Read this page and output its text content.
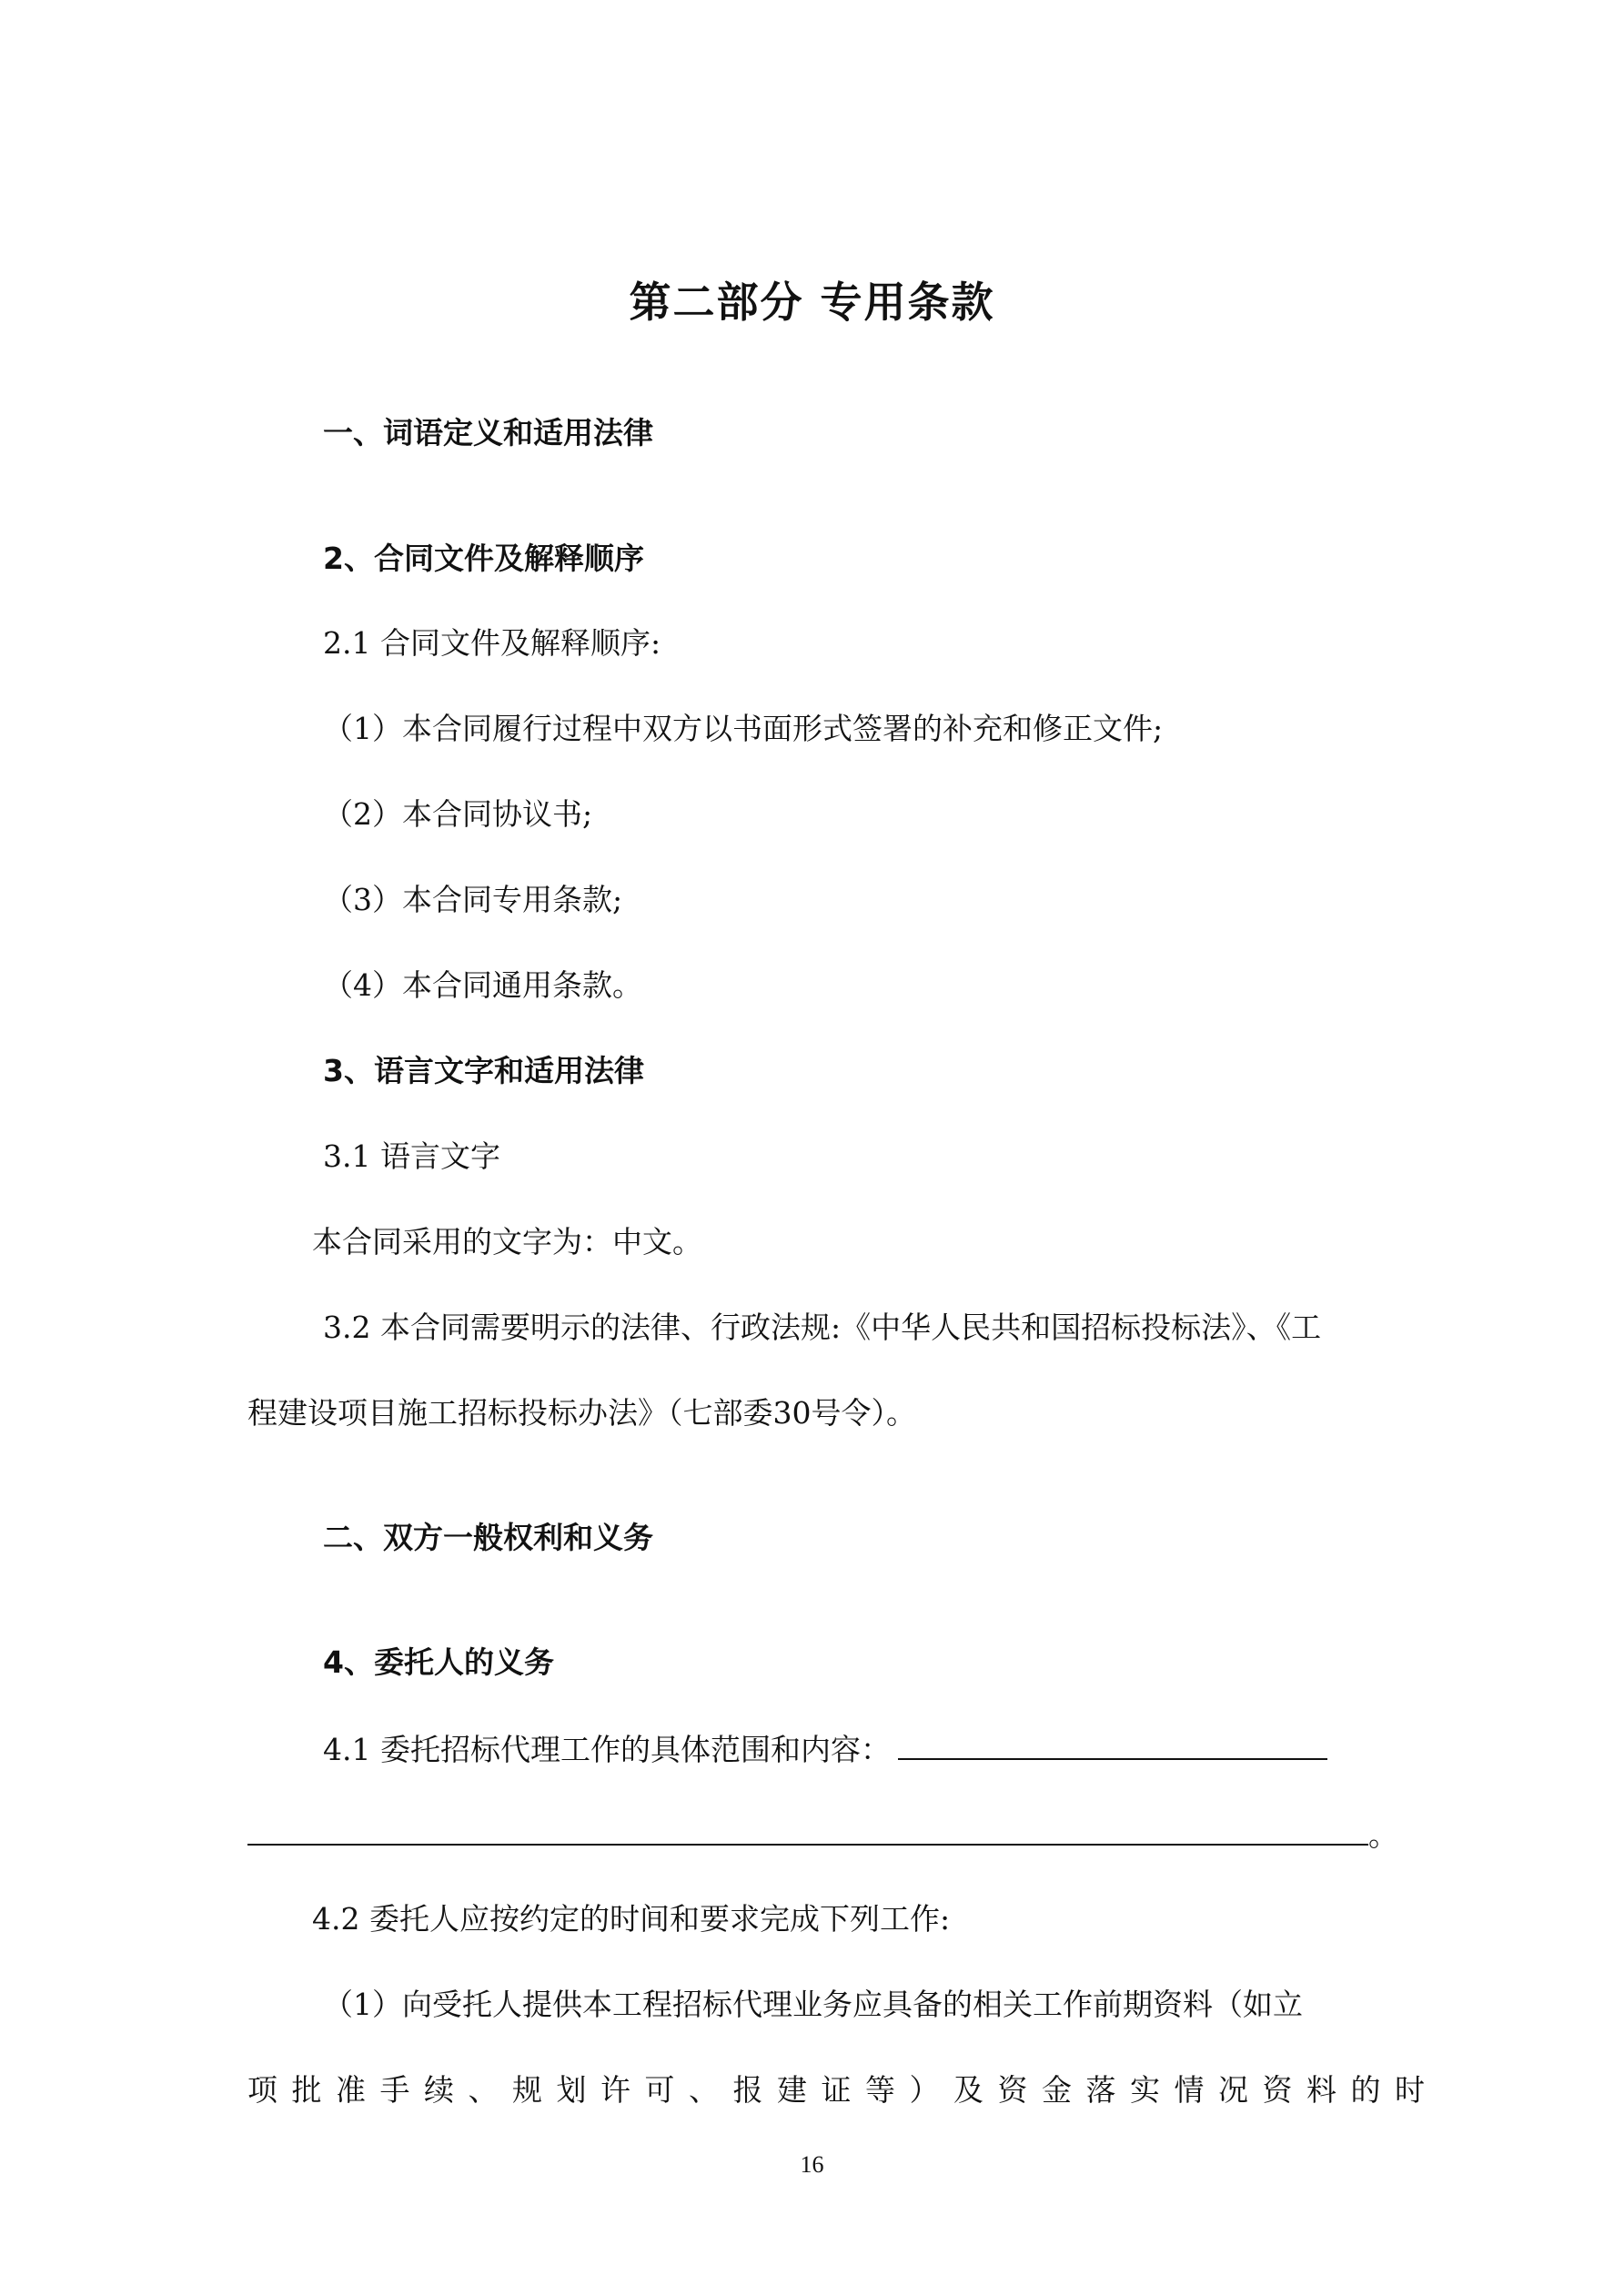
第二部分 专用条款

一、词语定义和适用法律

2、合同文件及解释顺序

2.1 合同文件及解释顺序:

（1）本合同履行过程中双方以书面形式签署的补充和修正文件;

（2）本合同协议书;

（3）本合同专用条款;

（4）本合同通用条款。

3、语言文字和适用法律

3.1 语言文字

本合同采用的文字为：中文。

3.2 本合同需要明示的法律、行政法规:《中华人民共和国招标投标法》、《工

程建设项目施工招标投标办法》（七部委30号令）。

二、双方一般权利和义务

4、委托人的义务

4.1 委托招标代理工作的具体范围和内容：

。

4.2 委托人应按约定的时间和要求完成下列工作:

（1）向受托人提供本工程招标代理业务应具备的相关工作前期资料（如立

项批准手续、规划许可、报建证等）及资金落实情况资料的时

16
